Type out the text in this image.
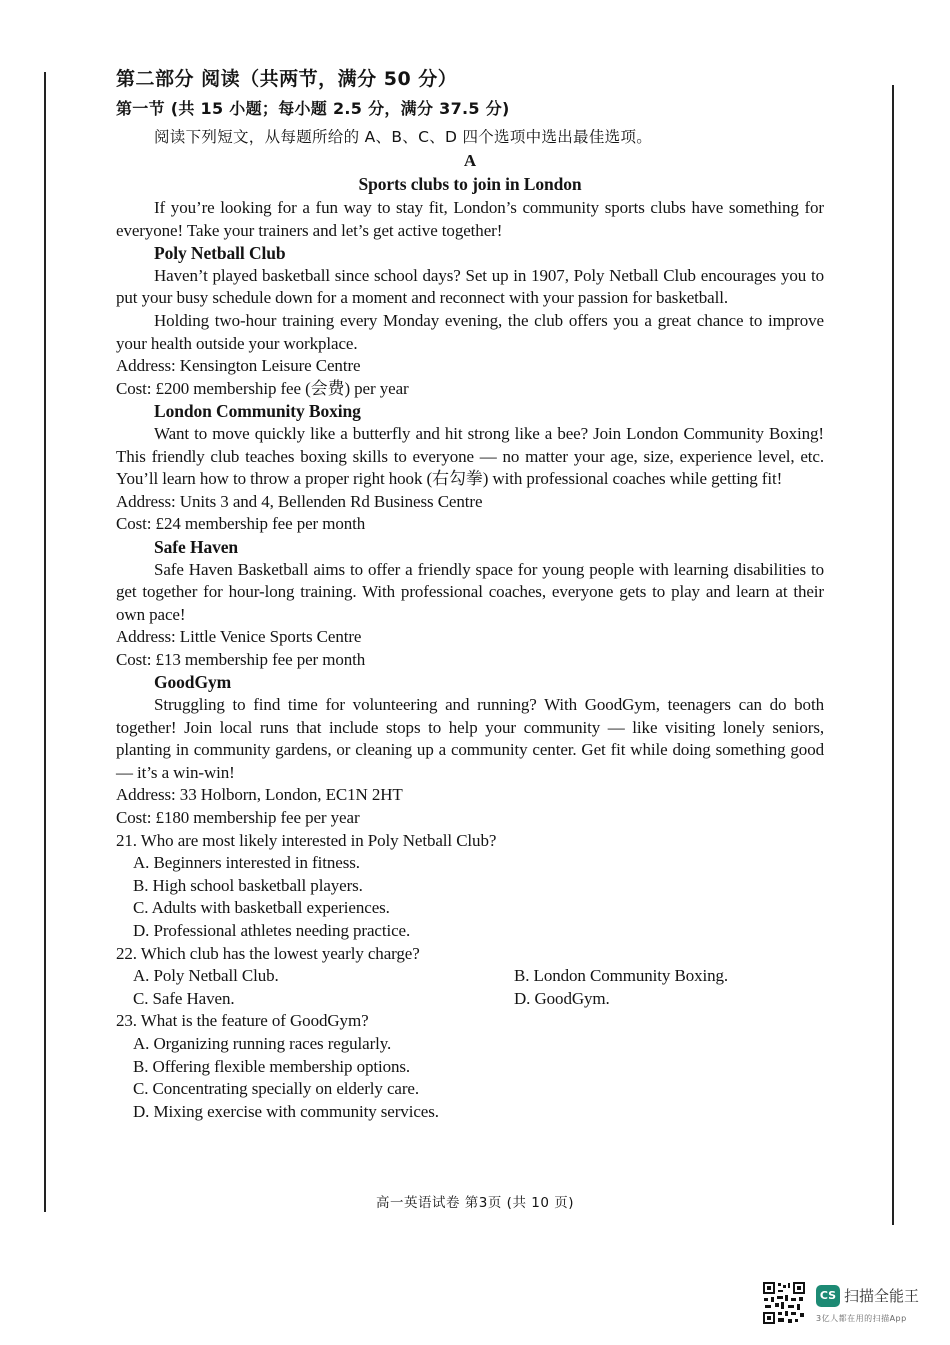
第二部分 阅读（共两节，满分 50 分）
第一节 (共 15 小题；每小题 2.5 分，满分 37.5 分)
阅读下列短文，从每题所给的 A、B、C、D 四个选项中选出最佳选项。
A
Sports clubs to join in London

If you’re looking for a fun way to stay fit, London’s community sports clubs have something for everyone! Take your trainers and let’s get active together!

Poly Netball Club

Haven’t played basketball since school days? Set up in 1907, Poly Netball Club encourages you to put your busy schedule down for a moment and reconnect with your passion for basketball.

Holding two-hour training every Monday evening, the club offers you a great chance to improve your health outside your workplace.

Address: Kensington Leisure Centre

Cost: £200 membership fee (会费) per year

London Community Boxing

Want to move quickly like a butterfly and hit strong like a bee? Join London Community Boxing! This friendly club teaches boxing skills to everyone — no matter your age, size, experience level, etc. You’ll learn how to throw a proper right hook (右勾拳) with professional coaches while getting fit!

Address: Units 3 and 4, Bellenden Rd Business Centre

Cost: £24 membership fee per month

Safe Haven

Safe Haven Basketball aims to offer a friendly space for young people with learning disabilities to get together for hour-long training. With professional coaches, everyone gets to play and learn at their own pace!

Address: Little Venice Sports Centre

Cost: £13 membership fee per month

GoodGym

Struggling to find time for volunteering and running? With GoodGym, teenagers can do both together! Join local runs that include stops to help your community — like visiting lonely seniors, planting in community gardens, or cleaning up a community center. Get fit while doing something good — it’s a win-win!

Address: 33 Holborn, London, EC1N 2HT

Cost: £180 membership fee per year

21. Who are most likely interested in Poly Netball Club?

A. Beginners interested in fitness.

B. High school basketball players.

C. Adults with basketball experiences.

D. Professional athletes needing practice.

22. Which club has the lowest yearly charge?

A. Poly Netball Club.	B. London Community Boxing.
C. Safe Haven.	D. GoodGym.

23. What is the feature of GoodGym?

A. Organizing running races regularly.

B. Offering flexible membership options.

C. Concentrating specially on elderly care.

D. Mixing exercise with community services.

高一英语试卷 第3页 (共 10 页)
CS 扫描全能王
3亿人都在用的扫描App
